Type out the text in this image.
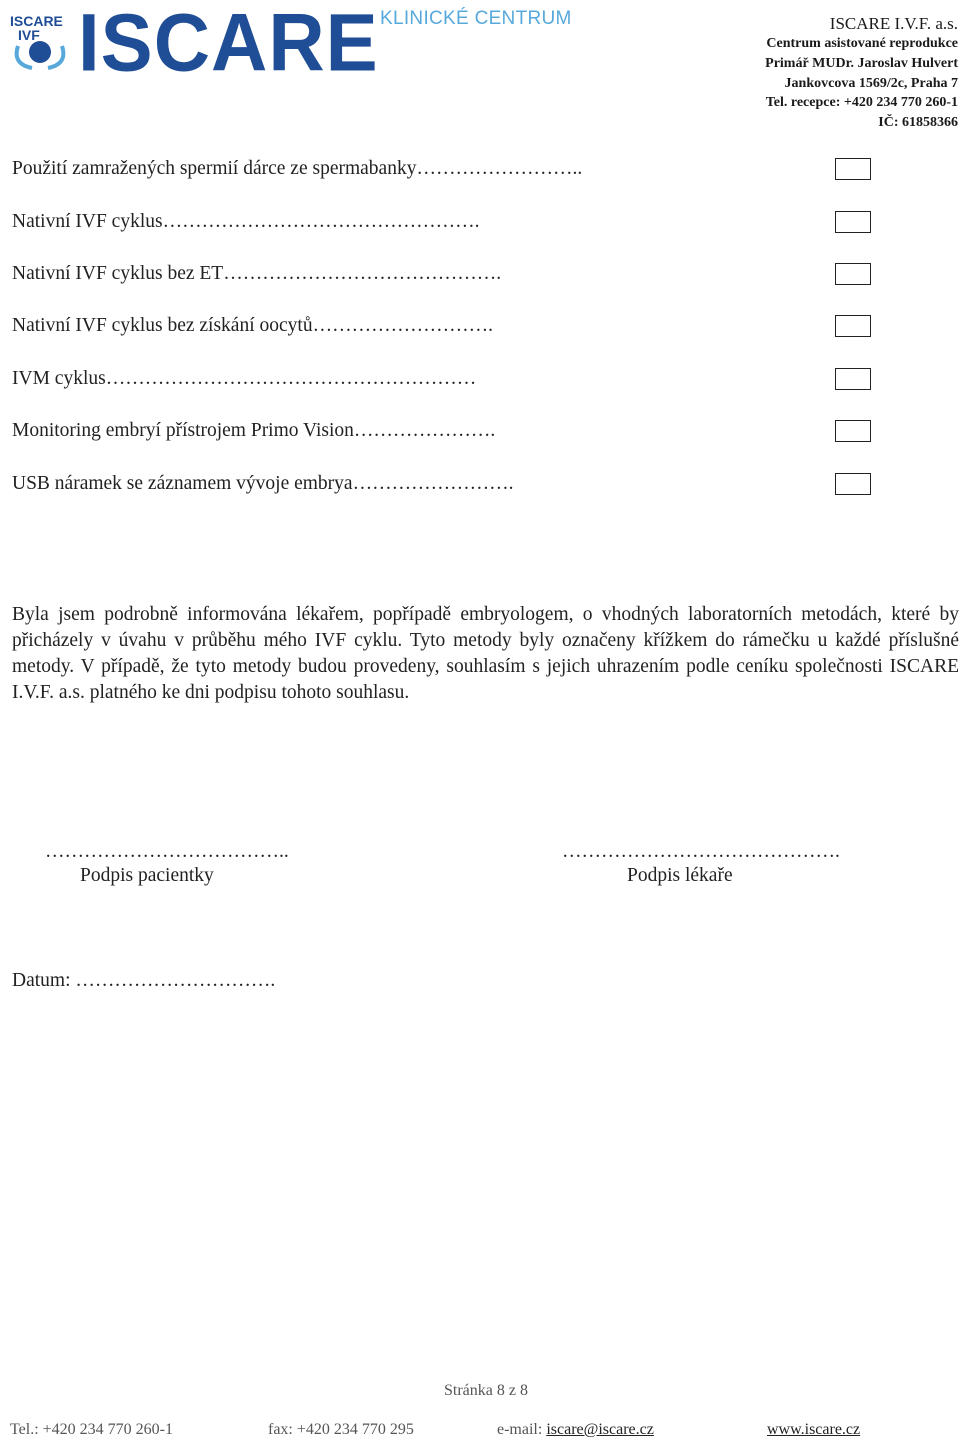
ISCARE
IVF ISCARE KLINICKÉ CENTRUM	ISCARE I.V.F. a.s.
Centrum asistované reprodukce
Primář MUDr. Jaroslav Hulvert
Jankovcova 1569/2c, Praha 7
Tel. recepce: +420 234 770 260-1
IČ: 61858366
Použití zamražených spermií dárce ze spermabanky……………………..
Nativní IVF cyklus………………………………………….
Nativní IVF cyklus bez ET…………………………………….
Nativní IVF cyklus bez získání oocytů……………………….
IVM cyklus…………………………………………………
Monitoring embryí přístrojem Primo Vision………………….
USB náramek se záznamem vývoje embrya…………………….
Byla jsem podrobně informována lékařem, popřípadě embryologem, o vhodných laboratorních metodách, které by přicházely v úvahu v průběhu mého IVF cyklu. Tyto metody byly označeny křížkem do rámečku u každé příslušné metody. V případě, že tyto metody budou provedeny, souhlasím s jejich uhrazením podle ceníku společnosti ISCARE I.V.F. a.s. platného ke dni podpisu tohoto souhlasu.
………………………………..
Podpis pacientky
…………………………………….
Podpis lékaře
Datum: ………………………….
Stránka 8 z 8
Tel.: +420 234 770 260-1	fax: +420 234 770 295	e-mail: iscare@iscare.cz	www.iscare.cz
